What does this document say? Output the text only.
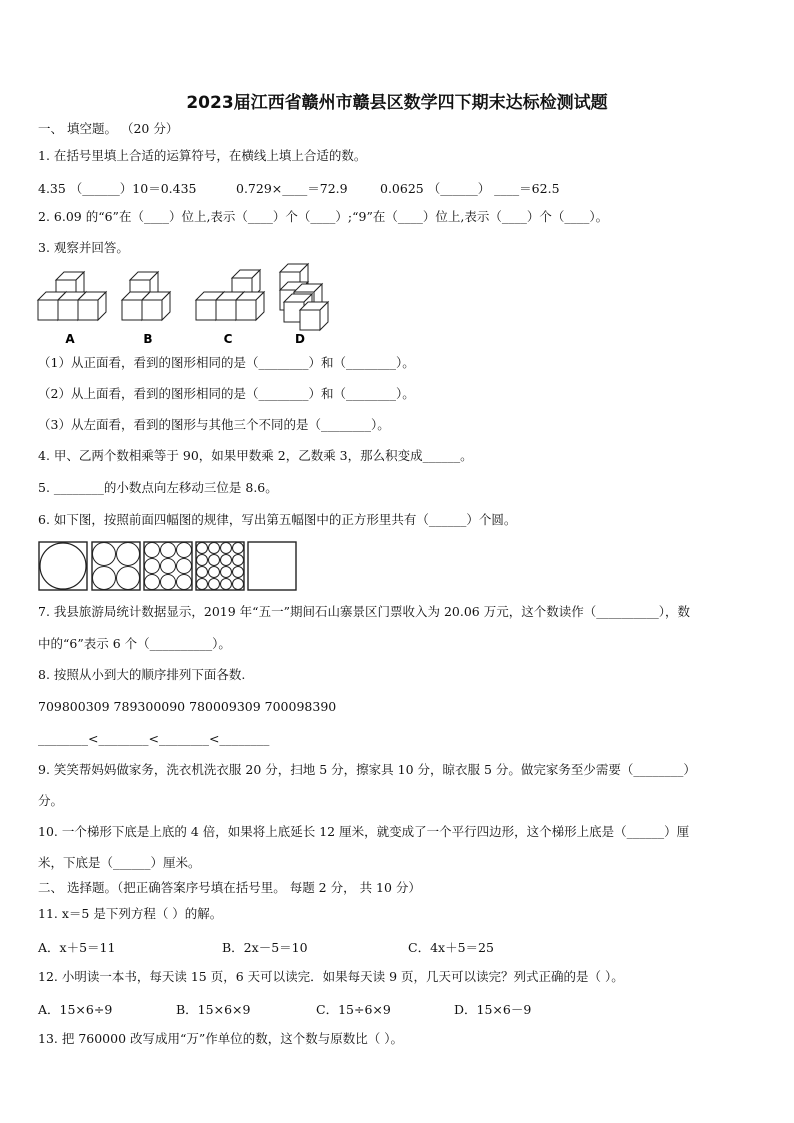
2023届江西省赣州市赣县区数学四下期末达标检测试题
一、 填空题。 （20 分）
1. 在括号里填上合适的运算符号，在横线上填上合适的数。
4.35 （______）10＝0.435	0.729×____＝72.9	0.0625 （______） ____＝62.5
2. 6.09 的“6”在（____）位上,表示（____）个（____）;“9”在（____）位上,表示（____）个（____）。
3. 观察并回答。
A	B	C	D
（1）从正面看，看到的图形相同的是（________）和（________）。
（2）从上面看，看到的图形相同的是（________）和（________）。
（3）从左面看，看到的图形与其他三个不同的是（________）。
4. 甲、乙两个数相乘等于 90，如果甲数乘 2，乙数乘 3，那么积变成______。
5. ________的小数点向左移动三位是 8.6。
6. 如下图，按照前面四幅图的规律，写出第五幅图中的正方形里共有（______）个圆。
7. 我县旅游局统计数据显示，2019 年“五一”期间石山寨景区门票收入为 20.06 万元，这个数读作（__________），数
中的“6”表示 6 个（__________）。
8. 按照从小到大的顺序排列下面各数.
709800309 789300090 780009309 700098390
________<________<________<________
9. 笑笑帮妈妈做家务，洗衣机洗衣服 20 分，扫地 5 分，擦家具 10 分，晾衣服 5 分。做完家务至少需要（________）
分。
10. 一个梯形下底是上底的 4 倍，如果将上底延长 12 厘米，就变成了一个平行四边形，这个梯形上底是（______）厘
米，下底是（______）厘米。
二、 选择题。（把正确答案序号填在括号里。 每题 2 分， 共 10 分）
11. x＝5 是下列方程（ ）的解。
A．x＋5＝11	B．2x－5＝10	C．4x＋5＝25
12. 小明读一本书，每天读 15 页，6 天可以读完．如果每天读 9 页，几天可以读完？列式正确的是（ ）。
A．15×6÷9	B．15×6×9	C．15÷6×9	D．15×6－9
13. 把 760000 改写成用“万”作单位的数，这个数与原数比（ ）。
